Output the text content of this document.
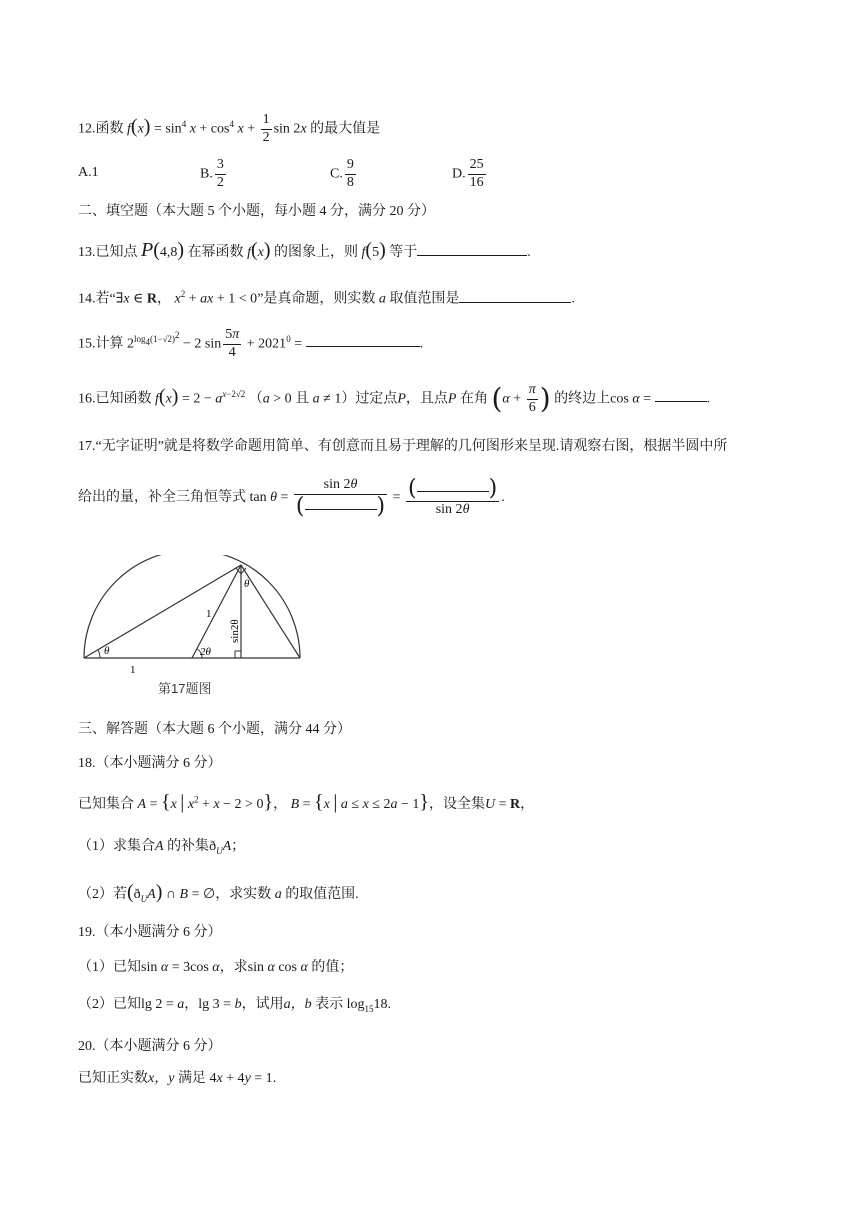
12.函数 $f(x) = \sin^4 x + \cos^4 x + \frac{1}{2}$ sin 2x 的最大值是
A.1	B. $\frac{3}{2}$	C. $\frac{9}{8}$	D. $\frac{25}{16}$
二、填空题（本大题 5 个小题，每小题 4 分，满分 20 分）
13.已知点 P(4,8) 在幂函数 f(x) 的图象上，则 f(5) 等于	.
14.若“∃x ∈ R， $x^2$ + ax + 1 < 0”是真命题，则实数 a 取值范围是	.
15.计算 $2^{log_4(1-√2)^2} - 2$ $\sin \frac{5\pi}{4} + 2021^0$ =	.
16.已知函数 $f(x) = 2 - a^{x-2√2}$ （a > 0 且 a ≠ 1）过定点P，且点P 在角 ($\alpha + \frac{\pi}{6}$ ) 的终边上cos α =	.
17.“无字证明”就是将数学命题用简单、有创意而且易于理解的几何图形来呈现.请观察右图，根据半圆中所
给出的量，补全三角恒等式 tan θ = sin 2θ
(	) = (	)
sin 2θ .
θ
1
1
2θ
sin2θ
θ
第17题图
三、解答题（本大题 6 个小题，满分 44 分）
18.（本小题满分 6 分）
已知集合 A = {x | $x^2 + x - 2 > 0$}， B = {x | a ≤ x ≤ 2a − 1}，设全集U = R，
（1）求集合A 的补集$ð_UA$；
（2）若$(ð_UA)$ ∩ B = ∅，求实数 a 的取值范围.
19.（本小题满分 6 分）
（1）已知sin α = 3cos α，求sin α cos α 的值；
（2）已知lg 2 = a，lg 3 = b，试用a，b 表示 $\log_{15}18$.
20.（本小题满分 6 分）
已知正实数x，y 满足 4x + 4y = 1.
